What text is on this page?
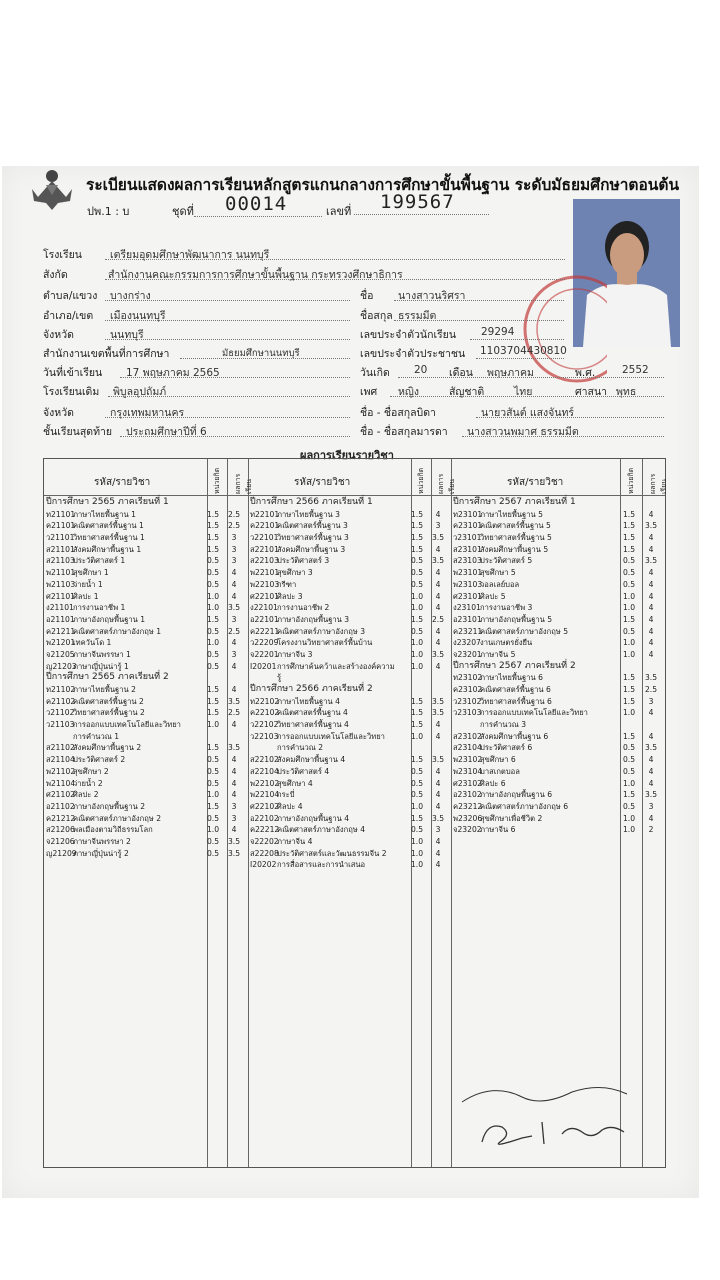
ระเบียนแสดงผลการเรียนหลักสูตรแกนกลางการศึกษาขั้นพื้นฐาน ระดับมัธยมศึกษาตอนต้น
ปพ.1 : บ	ชุดที่ 00014	เลขที่ 199567
โรงเรียน	เตรียมอุดมศึกษาพัฒนาการ นนทบุรี
สังกัด	สำนักงานคณะกรรมการการศึกษาขั้นพื้นฐาน กระทรวงศึกษาธิการ
ตำบล/แขวง บางกร่าง
อำเภอ/เขต เมืองนนทบุรี
จังหวัด	นนทบุรี
สำนักงานเขตพื้นที่การศึกษา	มัธยมศึกษานนทบุรี
วันที่เข้าเรียน 17 พฤษภาคม 2565
โรงเรียนเดิม พิบูลอุปถัมภ์
จังหวัด	กรุงเทพมหานคร
ชั้นเรียนสุดท้าย ประถมศึกษาปีที่ 6
ชื่อ นางสาวนริศรา
ชื่อสกุล ธรรมมีต
เลขประจำตัวนักเรียน 29294
เลขประจำตัวประชาชน 1103704430810
วันเกิด 20 เดือน พฤษภาคม	พ.ศ.	2552
เพศ หญิง	สัญชาติ	ไทย	ศาสนา พุทธ
ชื่อ - ชื่อสกุลบิดา	นายวสันต์ แสงจันทร์
ชื่อ - ชื่อสกุลมารดา นางสาวนพมาศ ธรรมมีต
ผลการเรียนรายวิชา
รหัส/รายวิชา	หน่วยกิต ผลการเรียน	รหัส/รายวิชา	หน่วยกิต ผลการเรียน	รหัส/รายวิชา	หน่วยกิต ผลการเรียน
ปีการศึกษา 2565 ภาคเรียนที่ 1
ท21101
ภาษาไทยพื้นฐาน 1	1.5	2.5
ค21101
คณิตศาสตร์พื้นฐาน 1	1.5	2.5
ว21101
วิทยาศาสตร์พื้นฐาน 1	1.5	3
ส21101
สังคมศึกษาพื้นฐาน 1	1.5	3
ส21103
ประวัติศาสตร์ 1	0.5	3
พ21101
สุขศึกษา 1	0.5	4
พ21103
ว่ายน้ำ 1	0.5	4
ศ21101
ศิลปะ 1	1.0	4
ง21101 การงานอาชีพ 1	1.0	3.5
อ21101
ภาษาอังกฤษพื้นฐาน 1	1.5	3
ค21211
คณิตศาสตร์ภาษาอังกฤษ 1	0.5	2.5
พ21201
เทควันโด 1	1.0	4
จ21205
ภาษาจีนพรรษา 1	0.5	3
ญ21203
ภาษาญี่ปุ่นน่ารู้ 1	0.5	4
ปีการศึกษา 2565 ภาคเรียนที่ 2
ท21102
ภาษาไทยพื้นฐาน 2	1.5	4
ค21102
คณิตศาสตร์พื้นฐาน 2	1.5	3.5
ว21102
วิทยาศาสตร์พื้นฐาน 2	1.5	2.5
ว21103
การออกแบบเทคโนโลยีและวิทยา	1.0	4
การคำนวณ 1
ส21102
สังคมศึกษาพื้นฐาน 2	1.5	3.5
ส21104
ประวัติศาสตร์ 2	0.5	4
พ21102
สุขศึกษา 2	0.5	4
พ21104
ว่ายน้ำ 2	0.5	4
ศ21102
ศิลปะ 2	1.0	4
อ21102
ภาษาอังกฤษพื้นฐาน 2	1.5	3
ค21212
คณิตศาสตร์ภาษาอังกฤษ 2	0.5	3
ส21206
พลเมืองตามวิถีธรรมโลก	1.0	4
จ21206
ภาษาจีนพรรษา 2	0.5	3.5
ญ21209
ภาษาญี่ปุ่นน่ารู้ 2	0.5	3.5
ปีการศึกษา 2566 ภาคเรียนที่ 1
ท22101
ภาษาไทยพื้นฐาน 3	1.5	4
ค22101
คณิตศาสตร์พื้นฐาน 3	1.5	3
ว22101
วิทยาศาสตร์พื้นฐาน 3	1.5	3.5
ส22101
สังคมศึกษาพื้นฐาน 3	1.5	4
ส22103
ประวัติศาสตร์ 3	0.5	3.5
พ22101
สุขศึกษา 3	0.5	4
พ22103
กรีฑา	0.5	4
ศ22101
ศิลปะ 3	1.0	4
ง22101 การงานอาชีพ 2	1.0	4
อ22101
ภาษาอังกฤษพื้นฐาน 3	1.5	2.5
ค22211
คณิตศาสตร์ภาษาอังกฤษ 3	0.5	4
ว22209
โครงงานวิทยาศาสตร์พื้นบ้าน	1.0	4
จ22201
ภาษาจีน 3	1.0	3.5
I20201 การศึกษาค้นคว้าและสร้างองค์ความ	1.0	4
รู้
ปีการศึกษา 2566 ภาคเรียนที่ 2
ท22102
ภาษาไทยพื้นฐาน 4	1.5	3.5
ค22102
คณิตศาสตร์พื้นฐาน 4	1.5	3.5
ว22102
วิทยาศาสตร์พื้นฐาน 4	1.5	4
ว22103
การออกแบบเทคโนโลยีและวิทยา	1.0	4
การคำนวณ 2
ส22102
สังคมศึกษาพื้นฐาน 4	1.5	3.5
ส22104
ประวัติศาสตร์ 4	0.5	4
พ22102
สุขศึกษา 4	0.5	4
พ22104
กระบี่	0.5	4
ศ22102
ศิลปะ 4	1.0	4
อ22102
ภาษาอังกฤษพื้นฐาน 4	1.5	3.5
ค22212
คณิตศาสตร์ภาษาอังกฤษ 4	0.5	3
จ22202
ภาษาจีน 4	1.0	4
ส22208
ประวัติศาสตร์และวัฒนธรรมจีน 2	1.0	4
I20202 การสื่อสารและการนำเสนอ	1.0	4
ปีการศึกษา 2567 ภาคเรียนที่ 1
ท23101
ภาษาไทยพื้นฐาน 5	1.5	4
ค23101
คณิตศาสตร์พื้นฐาน 5	1.5	3.5
ว23101
วิทยาศาสตร์พื้นฐาน 5	1.5	4
ส23101
สังคมศึกษาพื้นฐาน 5	1.5	4
ส23103
ประวัติศาสตร์ 5	0.5	3.5
พ23101
สุขศึกษา 5	0.5	4
พ23103
วอลเลย์บอล	0.5	4
ศ23101
ศิลปะ 5	1.0	4
ง23101 การงานอาชีพ 3	1.0	4
อ23101
ภาษาอังกฤษพื้นฐาน 5	1.5	4
ค23211
คณิตศาสตร์ภาษาอังกฤษ 5	0.5	4
ง23207 งานเกษตรยั่งยืน	1.0	4
จ23201
ภาษาจีน 5	1.0	4
ปีการศึกษา 2567 ภาคเรียนที่ 2
ท23102
ภาษาไทยพื้นฐาน 6	1.5	3.5
ค23102
คณิตศาสตร์พื้นฐาน 6	1.5	2.5
ว23102
วิทยาศาสตร์พื้นฐาน 6	1.5	3
ว23103
การออกแบบเทคโนโลยีและวิทยา	1.0	4
การคำนวณ 3
ส23102
สังคมศึกษาพื้นฐาน 6	1.5	4
ส23104
ประวัติศาสตร์ 6	0.5	3.5
พ23102
สุขศึกษา 6	0.5	4
พ23104
บาสเกตบอล	0.5	4
ศ23102
ศิลปะ 6	1.0	4
อ23102
ภาษาอังกฤษพื้นฐาน 6	1.5	3.5
ค23212
คณิตศาสตร์ภาษาอังกฤษ 6	0.5	3
พ23206
สุขศึกษาเพื่อชีวิต 2	1.0	4
จ23202
ภาษาจีน 6	1.0	2
